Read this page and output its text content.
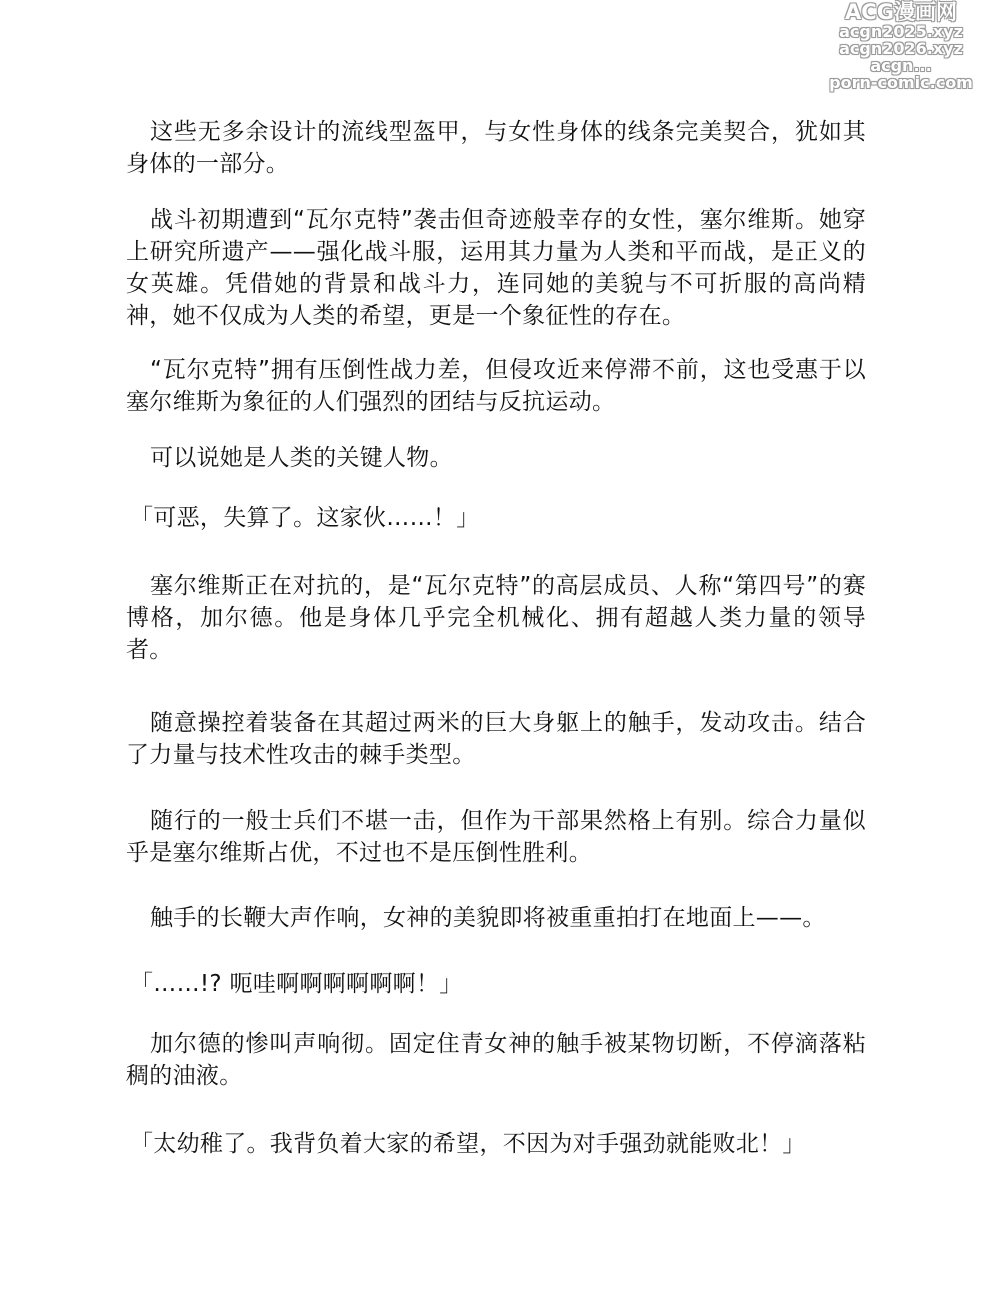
ACG漫画网
acgn2025.xyz
acgn2026.xyz
acgn...
porn-comic.com

这些无多余设计的流线型盔甲，与女性身体的线条完美契合，犹如其身体的一部分。

战斗初期遭到“瓦尔克特”袭击但奇迹般幸存的女性，塞尔维斯。她穿上研究所遗产——强化战斗服，运用其力量为人类和平而战，是正义的女英雄。凭借她的背景和战斗力，连同她的美貌与不可折服的高尚精神，她不仅成为人类的希望，更是一个象征性的存在。

“瓦尔克特”拥有压倒性战力差，但侵攻近来停滞不前，这也受惠于以塞尔维斯为象征的人们强烈的团结与反抗运动。

可以说她是人类的关键人物。

「可恶，失算了。这家伙……！」

塞尔维斯正在对抗的，是“瓦尔克特”的高层成员、人称“第四号”的赛博格，加尔德。他是身体几乎完全机械化、拥有超越人类力量的领导者。

随意操控着装备在其超过两米的巨大身躯上的触手，发动攻击。结合了力量与技术性攻击的棘手类型。

随行的一般士兵们不堪一击，但作为干部果然格上有别。综合力量似乎是塞尔维斯占优，不过也不是压倒性胜利。

触手的长鞭大声作响，女神的美貌即将被重重拍打在地面上——。

「……!? 呃哇啊啊啊啊啊啊！」

加尔德的惨叫声响彻。固定住青女神的触手被某物切断，不停滴落粘稠的油液。

「太幼稚了。我背负着大家的希望，不因为对手强劲就能败北！」
